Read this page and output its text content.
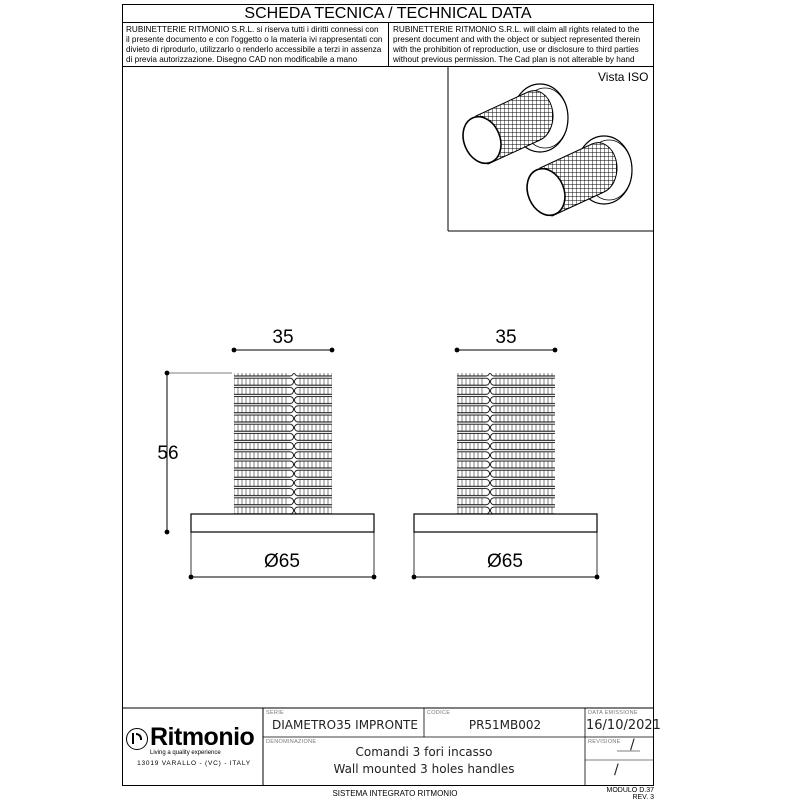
SCHEDA TECNICA / TECHNICAL DATA
RUBINETTERIE RITMONIO S.R.L. si riserva tutti i diritti connessi con il presente documento e con l'oggetto o la materia ivi rappresentati con divieto di riprodurlo, utilizzarlo o renderlo accessibile a terzi in assenza di previa autorizzazione. Disegno CAD non modificabile a mano
RUBINETTERIE RITMONIO S.R.L. will claim all rights related to the present document and with the object or subject represented therein with the prohibition of reproduction, use or disclosure to third parties without previous permission. The Cad plan is not alterable by hand
Vista ISO
35
56
Ø65
35
Ø65
Ritmonio
Living a quality experience
13019 VARALLO - (VC) - ITALY
SERIE
DIAMETRO35 IMPRONTE
CODICE
PR51MB002
DATA EMISSIONE
16/10/2021
DENOMINAZIONE
Comandi 3 fori incasso
Wall mounted 3 holes handles
REVISIONE /
/
MODULO D.37 REV. 3
SISTEMA INTEGRATO RITMONIO
